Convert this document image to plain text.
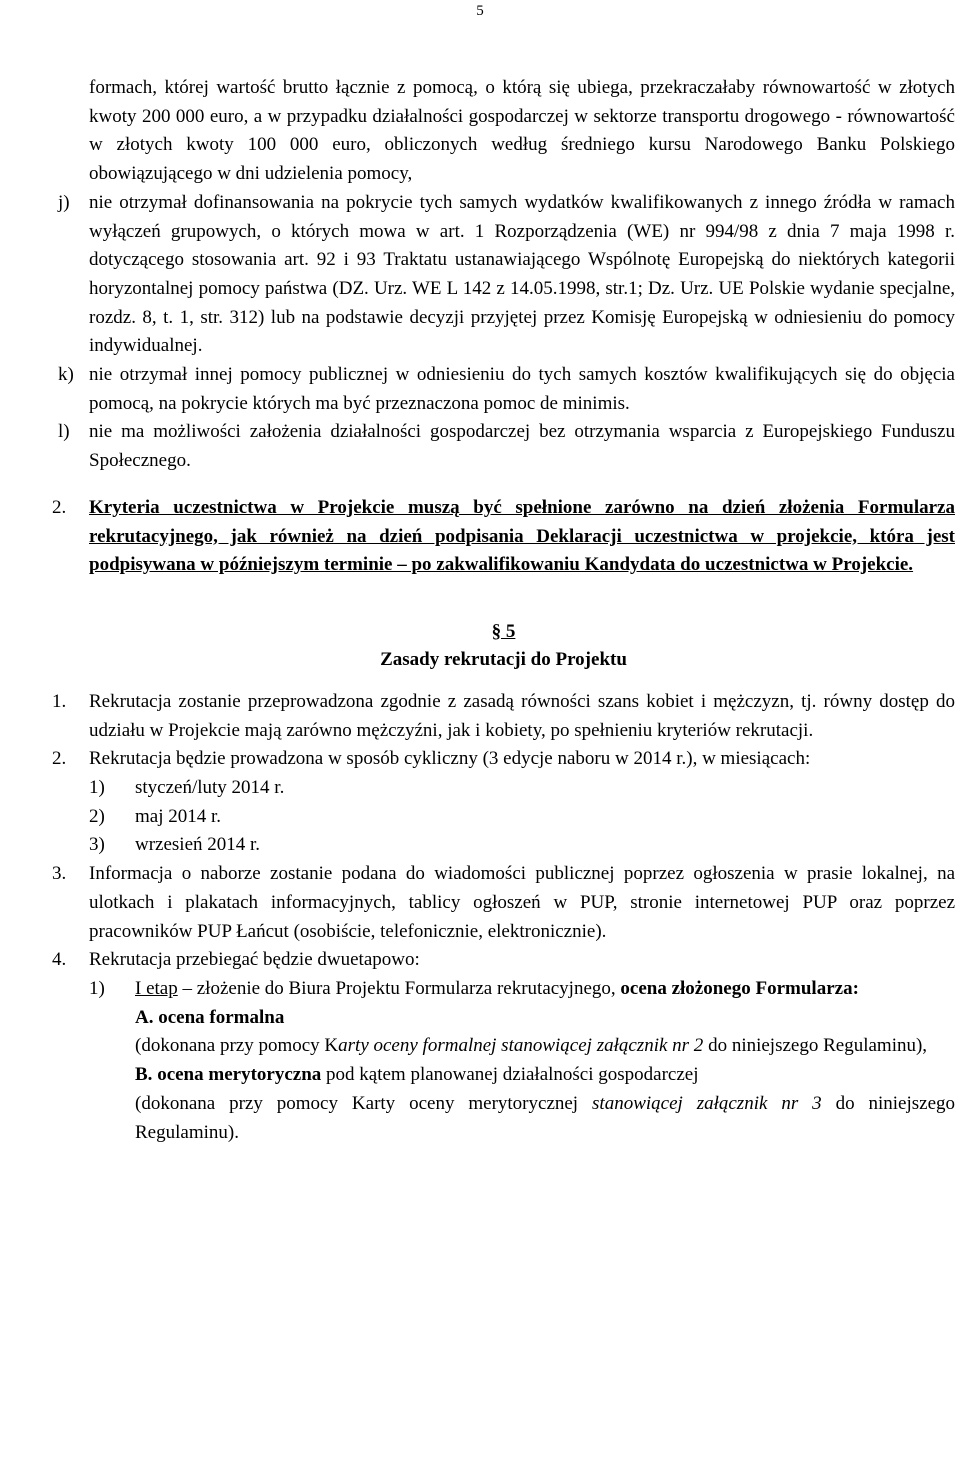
5

formach, której wartość brutto łącznie z pomocą, o którą się ubiega, przekraczałaby równowartość w złotych kwoty 200 000 euro, a w przypadku działalności gospodarczej w sektorze transportu drogowego - równowartość w złotych kwoty 100 000 euro, obliczonych według średniego kursu Narodowego Banku Polskiego obowiązującego w dni udzielenia pomocy,

j) nie otrzymał dofinansowania na pokrycie tych samych wydatków kwalifikowanych z innego źródła w ramach wyłączeń grupowych, o których mowa w art. 1 Rozporządzenia (WE) nr 994/98 z dnia 7 maja 1998 r. dotyczącego stosowania art. 92 i 93 Traktatu ustanawiającego Wspólnotę Europejską do niektórych kategorii horyzontalnej pomocy państwa (DZ. Urz. WE L 142 z 14.05.1998, str.1; Dz. Urz. UE Polskie wydanie specjalne, rozdz. 8, t. 1, str. 312) lub na podstawie decyzji przyjętej przez Komisję Europejską w odniesieniu do pomocy indywidualnej.

k) nie otrzymał innej pomocy publicznej w odniesieniu do tych samych kosztów kwalifikujących się do objęcia pomocą, na pokrycie których ma być przeznaczona pomoc de minimis.

l) nie ma możliwości założenia działalności gospodarczej bez otrzymania wsparcia z Europejskiego Funduszu Społecznego.

2. Kryteria uczestnictwa w Projekcie muszą być spełnione zarówno na dzień złożenia Formularza rekrutacyjnego, jak również na dzień podpisania Deklaracji uczestnictwa w projekcie, która jest podpisywana w późniejszym terminie – po zakwalifikowaniu Kandydata do uczestnictwa w Projekcie.

§ 5
Zasady rekrutacji do Projektu
1. Rekrutacja zostanie przeprowadzona zgodnie z zasadą równości szans kobiet i mężczyzn, tj. równy dostęp do udziału w Projekcie mają zarówno mężczyźni, jak i kobiety, po spełnieniu kryteriów rekrutacji.

2. Rekrutacja będzie prowadzona w sposób cykliczny (3 edycje naboru w 2014 r.), w miesiącach:

1) styczeń/luty 2014 r.
2) maj 2014 r.
3) wrzesień 2014 r.
3. Informacja o naborze zostanie podana do wiadomości publicznej poprzez ogłoszenia w prasie lokalnej, na ulotkach i plakatach informacyjnych, tablicy ogłoszeń w PUP, stronie internetowej PUP oraz poprzez pracowników PUP Łańcut (osobiście, telefonicznie, elektronicznie).

4. Rekrutacja przebiegać będzie dwuetapowo:

1) I etap – złożenie do Biura Projektu Formularza rekrutacyjnego, ocena złożonego Formularza:

A. ocena formalna

(dokonana przy pomocy Karty oceny formalnej stanowiącej załącznik nr 2 do niniejszego Regulaminu),

B. ocena merytoryczna pod kątem planowanej działalności gospodarczej

(dokonana przy pomocy Karty oceny merytorycznej stanowiącej załącznik nr 3 do niniejszego Regulaminu).
